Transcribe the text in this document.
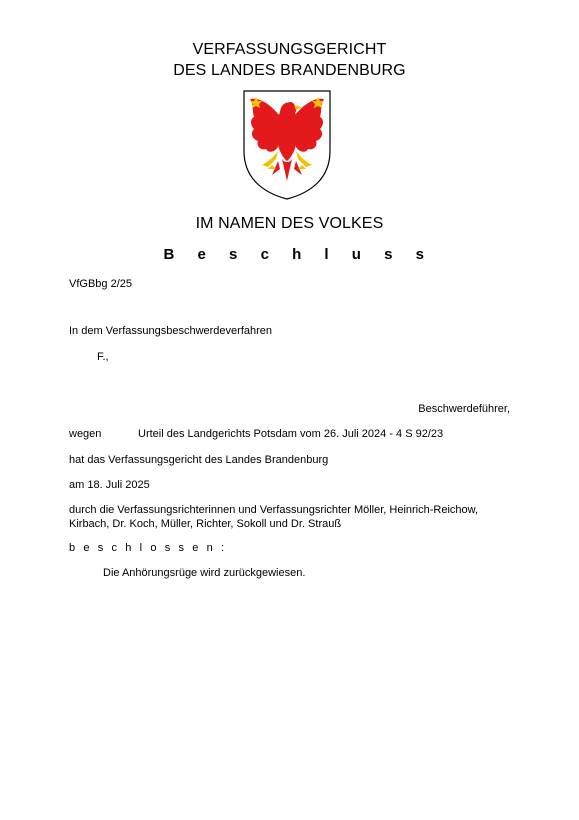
VERFASSUNGSGERICHT
DES LANDES BRANDENBURG
IM NAMEN DES VOLKES
B e s c h l u s s
VfGBbg 2/25
In dem Verfassungsbeschwerdeverfahren
F.,
Beschwerdeführer,
wegen	Urteil des Landgerichts Potsdam vom 26. Juli 2024 - 4 S 92/23
hat das Verfassungsgericht des Landes Brandenburg
am 18. Juli 2025
durch die Verfassungsrichterinnen und Verfassungsrichter Möller, Heinrich-Reichow,
Kirbach, Dr. Koch, Müller, Richter, Sokoll und Dr. Strauß
b e s c h l o s s e n :
Die Anhörungsrüge wird zurückgewiesen.
